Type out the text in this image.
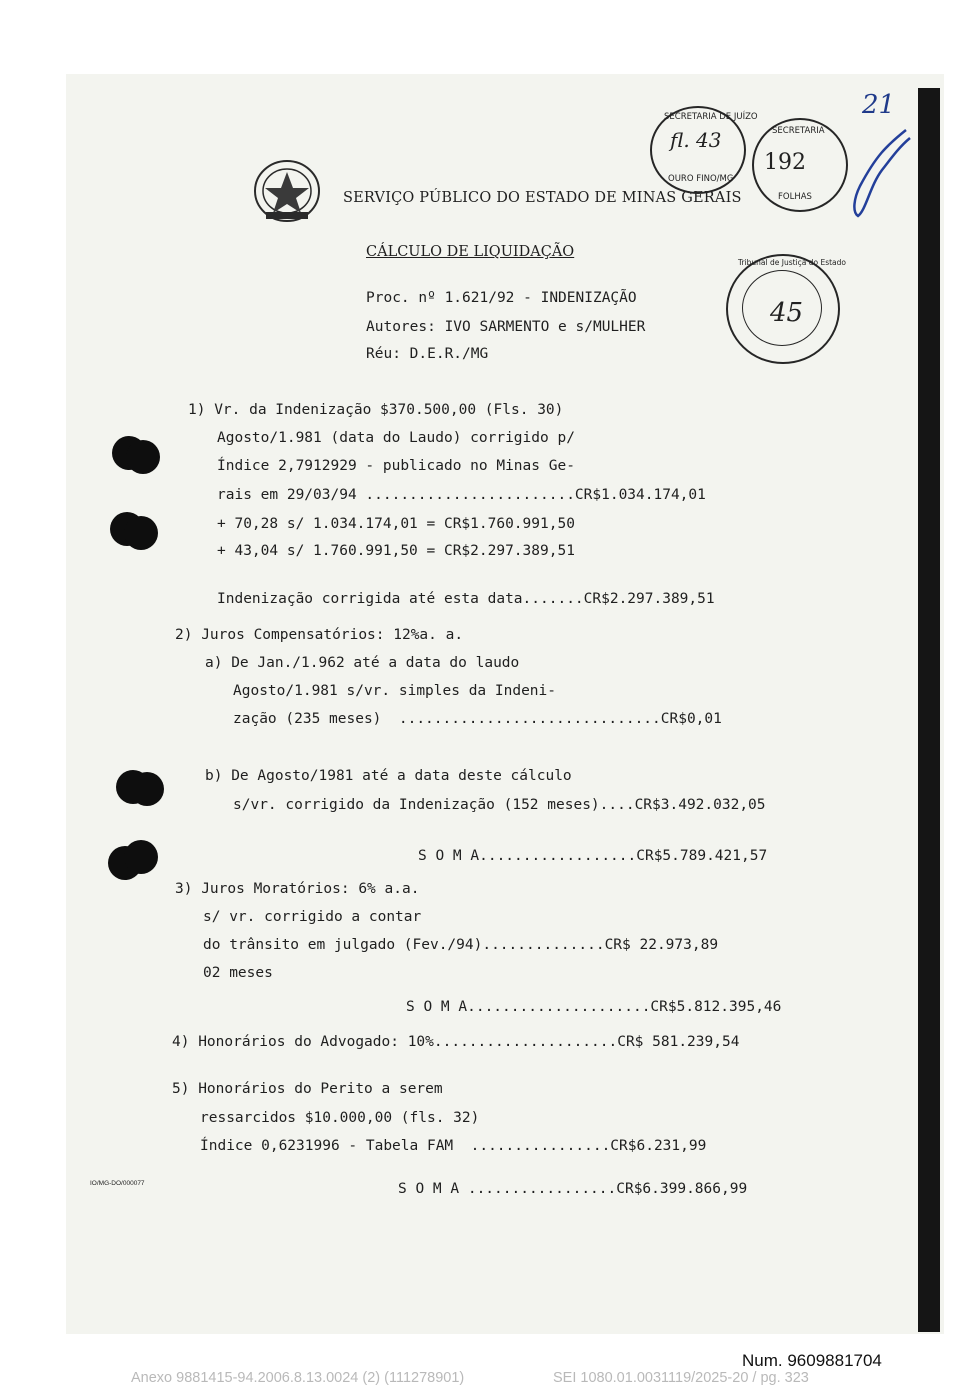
SERVIÇO PÚBLICO DO ESTADO DE MINAS GERAIS
SECRETARIA DE JUÍZO
fl. 43
OURO FINO/MG
SECRETARIA
192
FOLHAS
Tribunal de Justiça do Estado
45
21
CÁLCULO DE LIQUIDAÇÃO
Proc. nº 1.621/92 - INDENIZAÇÃO
Autores: IVO SARMENTO e s/MULHER
Réu: D.E.R./MG
1) Vr. da Indenização $370.500,00 (Fls. 30)
Agosto/1.981 (data do Laudo) corrigido p/
Índice 2,7912929 - publicado no Minas Ge-
rais em 29/03/94 ........................CR$1.034.174,01
+ 70,28 s/ 1.034.174,01 = CR$1.760.991,50
+ 43,04 s/ 1.760.991,50 = CR$2.297.389,51
Indenização corrigida até esta data.......CR$2.297.389,51
2) Juros Compensatórios: 12%a. a.
a) De Jan./1.962 até a data do laudo
Agosto/1.981 s/vr. simples da Indeni-
zação (235 meses)  ..............................CR$0,01
b) De Agosto/1981 até a data deste cálculo
s/vr. corrigido da Indenização (152 meses)....CR$3.492.032,05
S O M A..................CR$5.789.421,57
3) Juros Moratórios: 6% a.a.
s/ vr. corrigido a contar
do trânsito em julgado (Fev./94)..............CR$ 22.973,89
02 meses
S O M A.....................CR$5.812.395,46
4) Honorários do Advogado: 10%.....................CR$ 581.239,54
5) Honorários do Perito a serem
ressarcidos $10.000,00 (fls. 32)
Índice 0,6231996 - Tabela FAM  ................CR$6.231,99
S O M A .................CR$6.399.866,99
IO/MG-DO/000077
Num. 9609881704
Anexo 9881415-94.2006.8.13.0024 (2) (111278901)	SEI 1080.01.0031119/2025-20 / pg. 323
